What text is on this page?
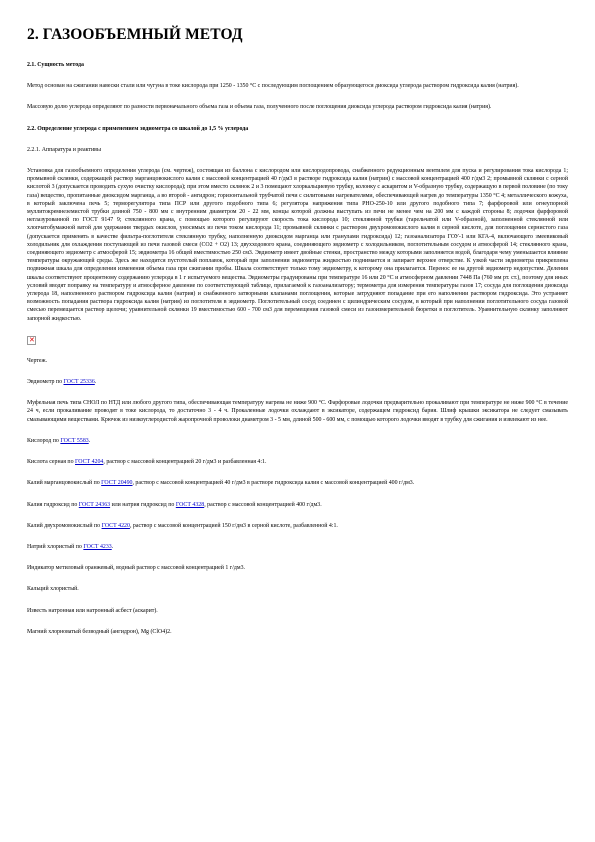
2. ГАЗООБЪЕМНЫЙ МЕТОД

2.1. Сущность метода

Метод основан на сжигании навески стали или чугуна в токе кислорода при 1250 - 1350 °С с последующим поглощением образующегося диоксида углерода раствором гидроксида калия (натрия).

Массовую долю углерода определяют по разности первоначального объема газа и объема газа, полученного после поглощения диоксида углерода раствором гидроксида калия (натрия).

2.2. Определение углерода с применением эвдиометра со шкалой до 1,5 % углерода

2.2.1. Аппаратура и реактивы

Установка для газообъемного определения углерода (см. чертеж), состоящая из баллона с кислородом или кислородопровода, снабженного редукционным вентилем для пуска и регулирования тока кислорода 1; промывной склянки, содержащей раствор марганцовокислого калия с массовой концентрацией 40 г/дм3 в растворе гидроксида калия (натрия) с массовой концентрацией 400 г/дм3 2; промывной склянки с серной кислотой 3 (допускается проводить сухую очистку кислорода); при этом вместо склянок 2 и 3 помещают хлоркальциевую трубку, колонку с аскаритом и V-образную трубку, содержащую в первой половине (по току газа) вещество, пропитанные диоксидом марганца, а во второй - ангидрон; горизонтальной трубчатой печи с силитовыми нагревателями, обеспечивающей нагрев до температуры 1350 °С 4; металлического кожуха, в который заключена печь 5; терморегулятора типа ПСР или другого подобного типа 6; регулятора напряжения типа РНО-250-10 или другого подобного типа 7; фарфоровой или огнеупорной муллитокремнеземистой трубки длиной 750 - 800 мм с внутренним диаметром 20 - 22 мм, концы которой должны выступать из печи не менее чем на 200 мм с каждой стороны 8; лодочки фарфоровой неглазурованной по ГОСТ 9147 9; стеклянного крана, с помощью которого регулируют скорость тока кислорода 10; стеклянной трубки (тарельчатой или V-образной), заполненной стеклянной или хлопчатобумажной ватой для удержания твердых окислов, уносимых из печи током кислорода 11; промывной склянки с раствором двухромовокислого калия в серной кислоте, для поглощения сернистого газа (допускается применять в качестве фильтра-поглотителя стеклянную трубку, наполненную диоксидом марганца или гранулами гидроксида) 12; газоанализатора ГОУ-1 или КГА-4, включающего змеевиковый холодильник для охлаждения поступающей из печи газовой смеси (СО2 + О2) 13; двухходового крана, соединяющего эвдиометр с холодильником, поглотительным сосудом и атмосферой 14; стеклянного крана, соединяющего эвдиометр с атмосферой 15; эвдиометра 16 общей вместимостью 250 см3. Эвдиометр имеет двойные стенки, пространство между которыми заполняется водой, благодаря чему уменьшается влияние температуры окружающей среды. Здесь же находится пустотелый поплавок, который при заполнении эвдиометра жидкостью поднимается и запирает верхнее отверстие. К узкой части эвдиометра прикреплена подвижная шкала для определения изменения объема газа при сжигании пробы. Шкала соответствует только тому эвдиометру, к которому она прилагается. Перенос ее на другой эвдиометр недопустим. Деления шкалы соответствуют процентному содержанию углерода в 1 г испытуемого вещества. Эвдиометры градуированы при температуре 16 или 20 °С и атмосферном давлении 7448 Па (760 мм рт. ст.), поэтому для иных условий вводят поправку на температуру и атмосферное давление по соответствующей таблице, прилагаемой к газоанализатору; термометра для измерения температуры газов 17; сосуда для поглощения диоксида углерода 18, наполненного раствором гидроксида калия (натрия) и снабженного затворными клапанами поглощения, которые затрудняют попадание при его наполнении раствором гидроксида. Это устраняет возможность попадания раствора гидроксида калия (натрия) из поглотителя в эвдиометр. Поглотительный сосуд соединен с цилиндрическим сосудом, в который при наполнении поглотительного сосуда газовой смесью перемещается раствор щелочи; уравнительной склянки 19 вместимостью 600 - 700 см3 для перемещения газовой смеси из газоизмерительной бюретки в поглотитель. Уравнительную склянку заполняют запорной жидкостью.

✕

Чертеж.

Эвдиометр по ГОСТ 25336.

Муфельная печь типа СНОЛ по НТД или любого другого типа, обеспечивающая температуру нагрева не ниже 900 °С. Фарфоровые лодочки предварительно прокаливают при температуре не ниже 900 °С в течение 24 ч, если прокаливание проводят в токе кислорода, то достаточно 3 - 4 ч. Прокаленные лодочки охлаждают в эксикаторе, содержащем гидроксид бария. Шлиф крышки эксикатора не следует смазывать смазывающими веществами. Крючок из низкоуглеродистой жаропрочной проволоки диаметром 3 - 5 мм, длиной 500 - 600 мм, с помощью которого лодочки вводят в трубку для сжигания и извлекают из нее.

Кислород по ГОСТ 5583.

Кислота серная по ГОСТ 4204, раствор с массовой концентрацией 20 г/дм3 и разбавленная 4:1.

Калий марганцовокислый по ГОСТ 20490, раствор с массовой концентрацией 40 г/дм3 в растворе гидроксида калия с массовой концентрацией 400 г/дм3.

Калия гидроксид по ГОСТ 24363 или натрия гидроксид по ГОСТ 4328, раствор с массовой концентрацией 400 г/дм3.

Калий двухромовокислый по ГОСТ 4220, раствор с массовой концентрацией 150 г/дм3 в серной кислоте, разбавленной 4:1.

Натрий хлористый по ГОСТ 4233.

Индикатор метиловый оранжевый, водный раствор с массовой концентрацией 1 г/дм3.

Кальций хлористый.

Известь натронная или натронный асбест (аскарит).

Магний хлорноватый безводный (ангидрон), Mg (ClO4)2.
